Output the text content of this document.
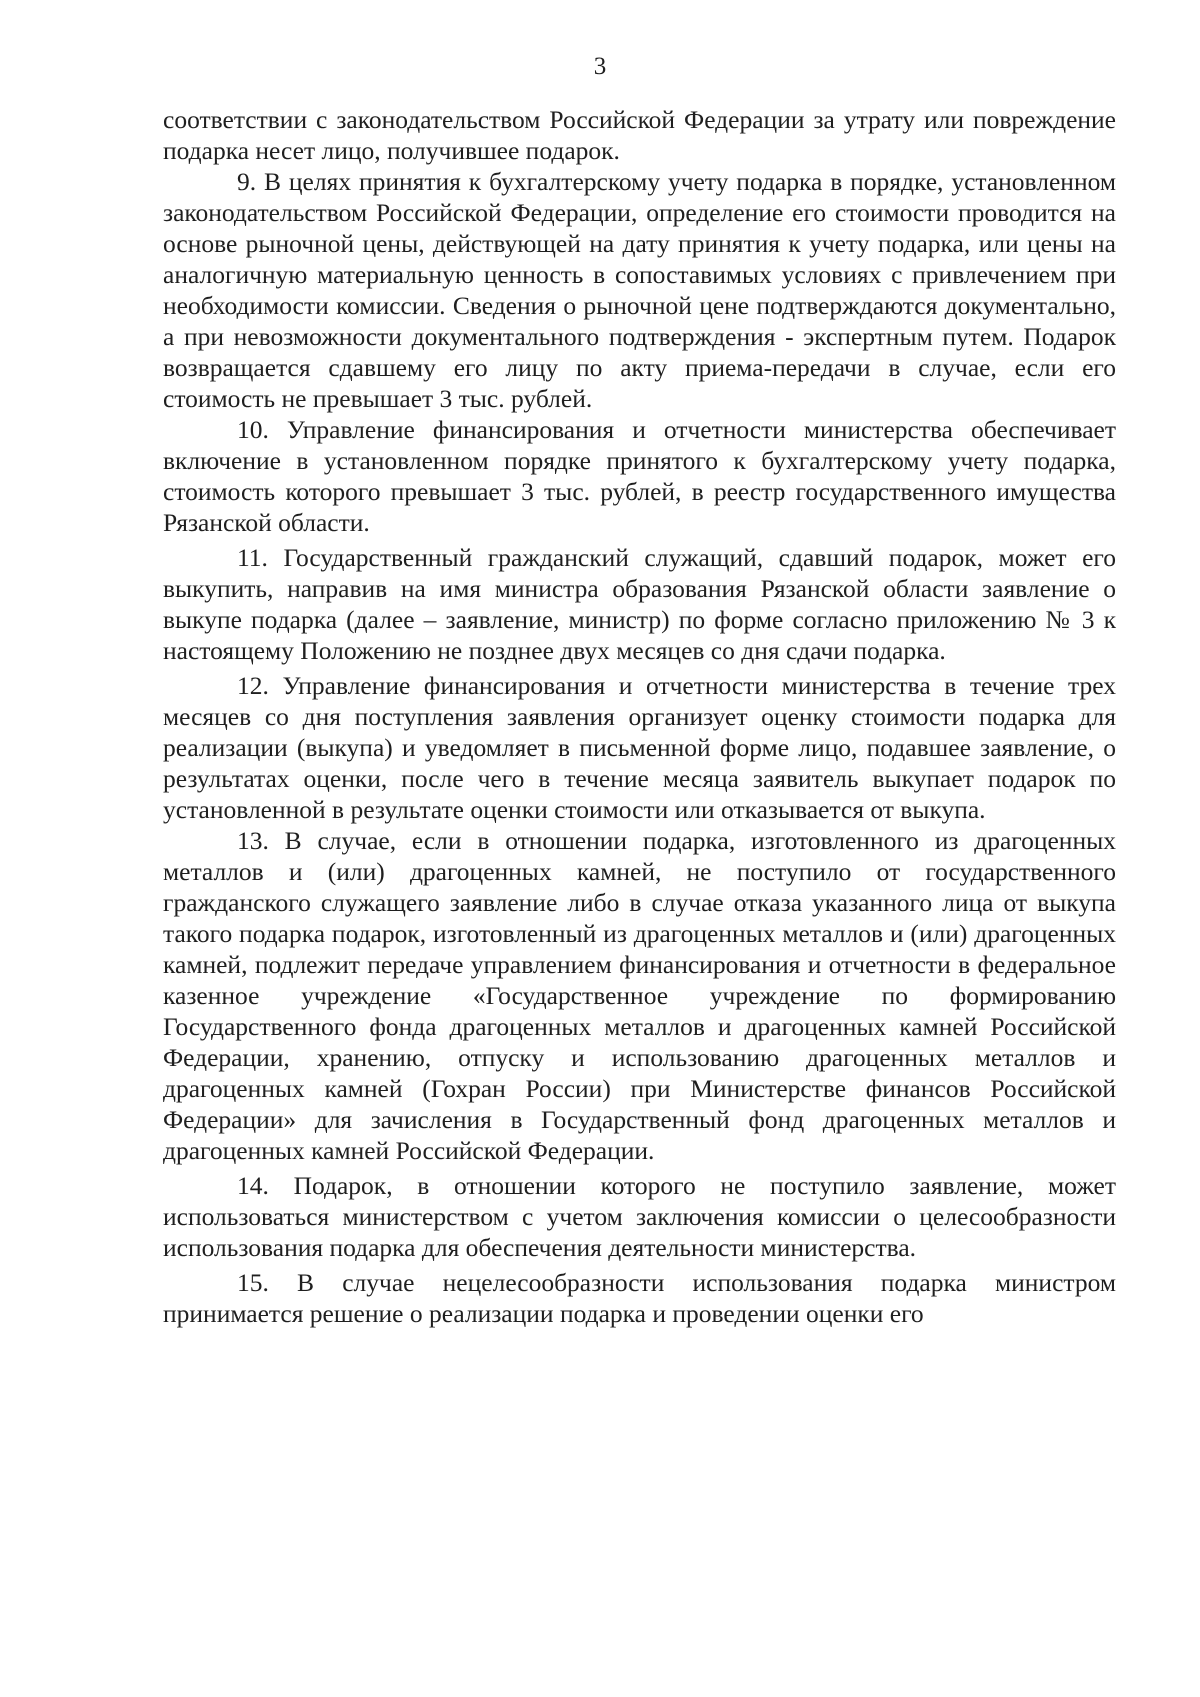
3

соответствии с законодательством Российской Федерации за утрату или повреждение подарка несет лицо, получившее подарок.

9. В целях принятия к бухгалтерскому учету подарка в порядке, установленном законодательством Российской Федерации, определение его стоимости проводится на основе рыночной цены, действующей на дату принятия к учету подарка, или цены на аналогичную материальную ценность в сопоставимых условиях с привлечением при необходимости комиссии. Сведения о рыночной цене подтверждаются документально, а при невозможности документального подтверждения - экспертным путем. Подарок возвращается сдавшему его лицу по акту приема-передачи в случае, если его стоимость не превышает 3 тыс. рублей.

10. Управление финансирования и отчетности министерства обеспечивает включение в установленном порядке принятого к бухгалтерскому учету подарка, стоимость которого превышает 3 тыс. рублей, в реестр государственного имущества Рязанской области.

11. Государственный гражданский служащий, сдавший подарок, может его выкупить, направив на имя министра образования Рязанской области заявление о выкупе подарка (далее – заявление, министр) по форме согласно приложению № 3 к настоящему Положению не позднее двух месяцев со дня сдачи подарка.

12. Управление финансирования и отчетности министерства в течение трех месяцев со дня поступления заявления организует оценку стоимости подарка для реализации (выкупа) и уведомляет в письменной форме лицо, подавшее заявление, о результатах оценки, после чего в течение месяца заявитель выкупает подарок по установленной в результате оценки стоимости или отказывается от выкупа.

13. В случае, если в отношении подарка, изготовленного из драгоценных металлов и (или) драгоценных камней, не поступило от государственного гражданского служащего заявление либо в случае отказа указанного лица от выкупа такого подарка подарок, изготовленный из драгоценных металлов и (или) драгоценных камней, подлежит передаче управлением финансирования и отчетности в федеральное казенное учреждение «Государственное учреждение по формированию Государственного фонда драгоценных металлов и драгоценных камней Российской Федерации, хранению, отпуску и использованию драгоценных металлов и драгоценных камней (Гохран России) при Министерстве финансов Российской Федерации» для зачисления в Государственный фонд драгоценных металлов и драгоценных камней Российской Федерации.

14. Подарок, в отношении которого не поступило заявление, может использоваться министерством с учетом заключения комиссии о целесообразности использования подарка для обеспечения деятельности министерства.

15. В случае нецелесообразности использования подарка министром принимается решение о реализации подарка и проведении оценки его
